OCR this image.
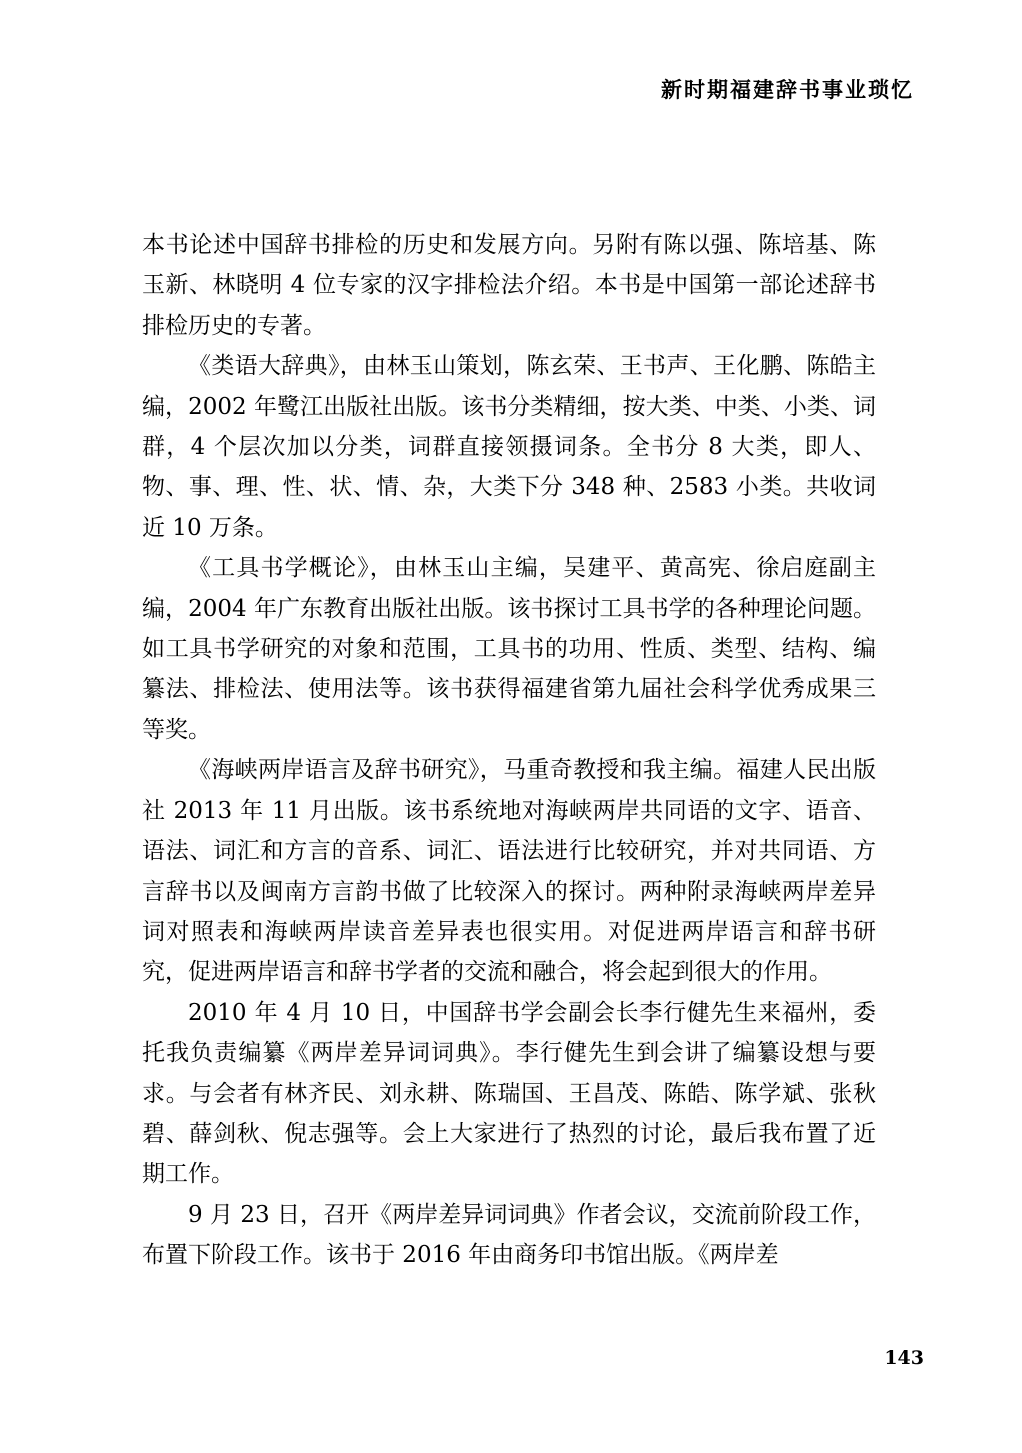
新时期福建辞书事业琐忆

本书论述中国辞书排检的历史和发展方向。另附有陈以强、陈培基、陈玉新、林晓明 4 位专家的汉字排检法介绍。本书是中国第一部论述辞书排检历史的专著。

《类语大辞典》，由林玉山策划，陈玄荣、王书声、王化鹏、陈皓主编，2002 年鹭江出版社出版。该书分类精细，按大类、中类、小类、词群，4 个层次加以分类，词群直接领摄词条。全书分 8 大类，即人、物、事、理、性、状、情、杂，大类下分 348 种、2583 小类。共收词近 10 万条。

《工具书学概论》，由林玉山主编，吴建平、黄高宪、徐启庭副主编，2004 年广东教育出版社出版。该书探讨工具书学的各种理论问题。如工具书学研究的对象和范围，工具书的功用、性质、类型、结构、编纂法、排检法、使用法等。该书获得福建省第九届社会科学优秀成果三等奖。

《海峡两岸语言及辞书研究》，马重奇教授和我主编。福建人民出版社 2013 年 11 月出版。该书系统地对海峡两岸共同语的文字、语音、语法、词汇和方言的音系、词汇、语法进行比较研究，并对共同语、方言辞书以及闽南方言韵书做了比较深入的探讨。两种附录海峡两岸差异词对照表和海峡两岸读音差异表也很实用。对促进两岸语言和辞书研究，促进两岸语言和辞书学者的交流和融合，将会起到很大的作用。

2010 年 4 月 10 日，中国辞书学会副会长李行健先生来福州，委托我负责编纂《两岸差异词词典》。李行健先生到会讲了编纂设想与要求。与会者有林齐民、刘永耕、陈瑞国、王昌茂、陈皓、陈学斌、张秋碧、薛剑秋、倪志强等。会上大家进行了热烈的讨论，最后我布置了近期工作。

9 月 23 日，召开《两岸差异词词典》作者会议，交流前阶段工作，布置下阶段工作。该书于 2016 年由商务印书馆出版。《两岸差

143
